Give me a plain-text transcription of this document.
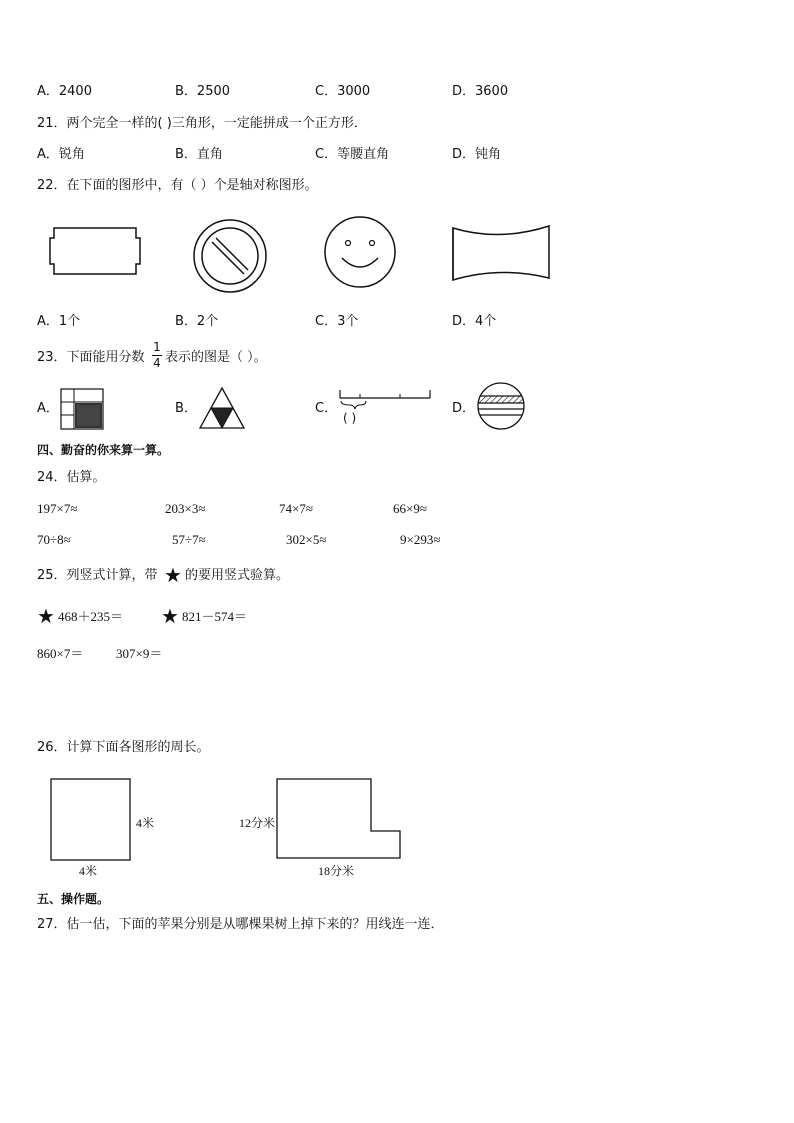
A．2400	B．2500	C．3000	D．3600
21．两个完全一样的( )三角形，一定能拼成一个正方形．
A．锐角	B．直角	C．等腰直角	D．钝角
22．在下面的图形中，有（ ）个是轴对称图形。
A．1个	B．2个	C．3个	D．4个
23．下面能用分数
1
4 表示的图是（ ）。
A．	B．	C．
( )
D．
四、勤奋的你来算一算。
24．估算。
197×7≈	203×3≈	74×7≈	66×9≈
70÷8≈	57÷7≈	302×5≈	9×293≈
25．列竖式计算，带 ★ 的要用竖式验算。
★ 468＋235＝ ★ 821－574＝
860×7＝	307×9＝
26．计算下面各图形的周长。
4米
4米
12分米
18分米
五、操作题。
27．估一估，下面的苹果分别是从哪棵果树上掉下来的？用线连一连．
